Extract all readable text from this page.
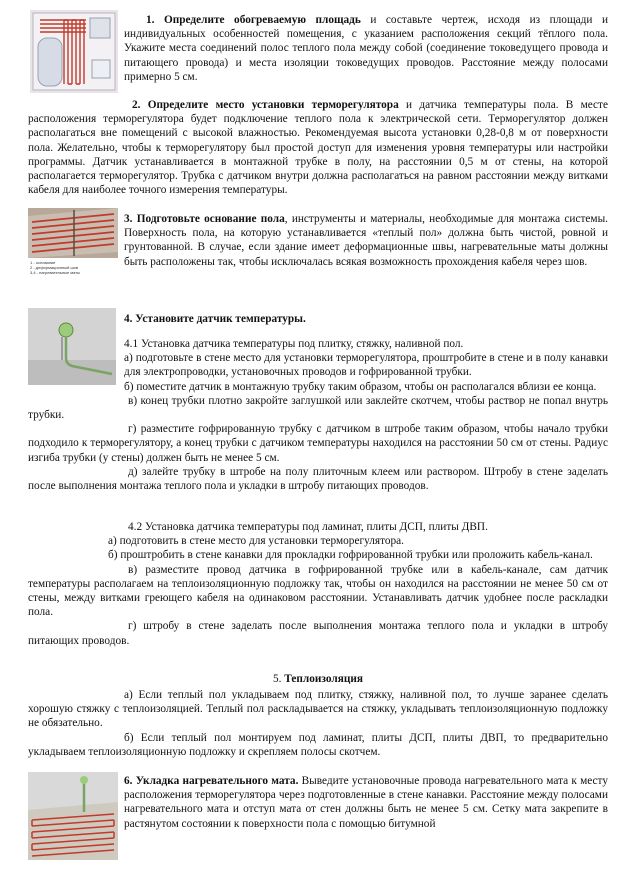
1. Определите обогреваемую площадь и составьте чертеж, исходя из площади и индивидуальных особенностей помещения, с указанием расположения секций тёплого пола. Укажите места соединений полос теплого пола между собой (соединение токоведущего провода и питающего провода) и места изоляции токоведущих проводов. Расстояние между полосами примерно 5 см.

2. Определите место установки терморегулятора и датчика температуры пола. В месте расположения терморегулятора будет подключение теплого пола к электрической сети. Терморегулятор должен располагаться вне помещений с высокой влажностью. Рекомендуемая высота установки 0,28-0,8 м от поверхности пола. Желательно, чтобы к терморегулятору был простой доступ для изменения уровня температуры или настройки программы. Датчик устанавливается в монтажной трубке в полу, на расстоянии 0,5 м от стены, на которой располагается терморегулятор. Трубка с датчиком внутри должна располагаться на равном расстоянии между витками кабеля для наиболее точного измерения температуры.

1 - основание
2 - деформационный шов
3,4 - нагревательные маты

3. Подготовьте основание пола, инструменты и материалы, необходимые для монтажа системы. Поверхность пола, на которую устанавливается «теплый пол» должна быть чистой, ровной и грунтованной. В случае, если здание имеет деформационные швы, нагревательные маты должны быть расположены так, чтобы исключалась всякая возможность прохождения кабеля через шов.

4. Установите датчик температуры.

4.1 Установка датчика температуры под плитку, стяжку, наливной пол.

а) подготовьте в стене место для установки терморегулятора, проштробите в стене и в полу канавки для электропроводки, установочных проводов и гофрированной трубки.

б) поместите датчик в монтажную трубку таким образом, чтобы он располагался вблизи ее конца.

в) конец трубки плотно закройте заглушкой или заклейте скотчем, чтобы раствор не попал внутрь трубки.

г) разместите гофрированную трубку с датчиком в штробе таким образом, чтобы начало трубки подходило к терморегулятору, а конец трубки с датчиком температуры находился на расстоянии 50 см от стены. Радиус изгиба трубки (у стены) должен быть не менее 5 см.

д) залейте трубку в штробе на полу плиточным клеем или раствором. Штробу в стене заделать после выполнения монтажа теплого пола и укладки в штробу питающих проводов.

4.2 Установка датчика температуры под ламинат, плиты ДСП, плиты ДВП.

а) подготовить в стене место для установки терморегулятора.

б) проштробить в стене канавки для прокладки гофрированной трубки или проложить кабель-канал.

в) разместите провод датчика в гофрированной трубке или в кабель-канале, сам датчик температуры располагаем на теплоизоляционную подложку так, чтобы он находился на расстоянии не менее 50 см от стены, между витками греющего кабеля на одинаковом расстоянии. Устанавливать датчик удобнее после раскладки пола.

г) штробу в стене заделать после выполнения монтажа теплого пола и укладки в штробу питающих проводов.

5. Теплоизоляция

а) Если теплый пол укладываем под плитку, стяжку, наливной пол, то лучше заранее сделать хорошую стяжку с теплоизоляцией. Теплый пол раскладывается на стяжку, укладывать теплоизоляционную подложку не обязательно.

б) Если теплый пол монтируем под ламинат, плиты ДСП, плиты ДВП, то предварительно укладываем теплоизоляционную подложку и скрепляем полосы скотчем.

6. Укладка нагревательного мата. Выведите установочные провода нагревательного мата к месту расположения терморегулятора через подготовленные в стене канавки. Расстояние между полосами нагревательного мата и отступ мата от стен должны быть не менее 5 см. Сетку мата закрепите в растянутом состоянии к поверхности пола с помощью битумной
